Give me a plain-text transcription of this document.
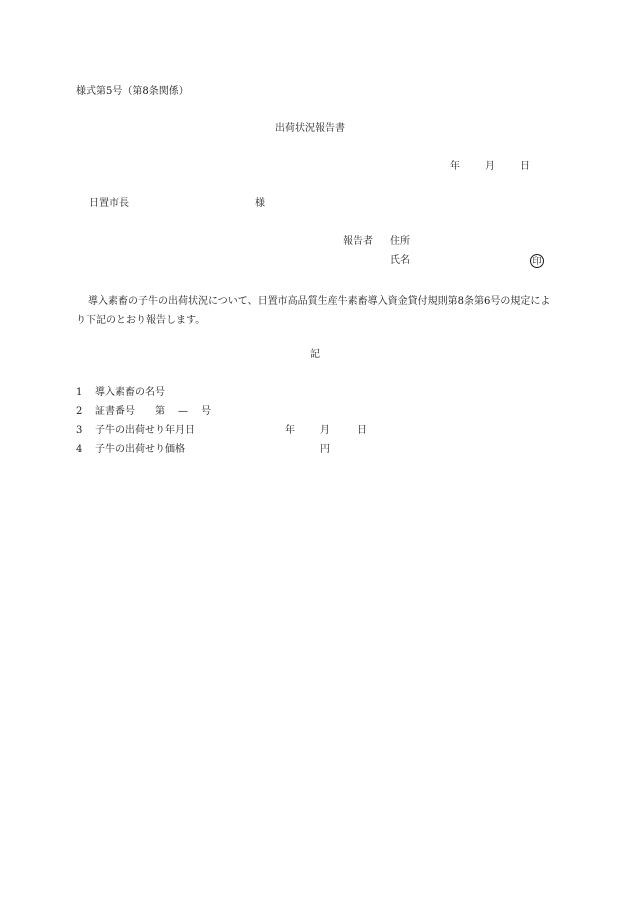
様式第5号（第8条関係）
出荷状況報告書
年	月	日
日置市長	様
報告者 住所
氏名	印
導入素畜の子牛の出荷状況について、日置市高品質生産牛素畜導入資金貸付規則第8条第6号の規定により下記のとおり報告します。
記
1 導入素畜の名号
2 証書番号 第 — 号
3 子牛の出荷せり年月日	年	月	日
4 子牛の出荷せり価格	円
